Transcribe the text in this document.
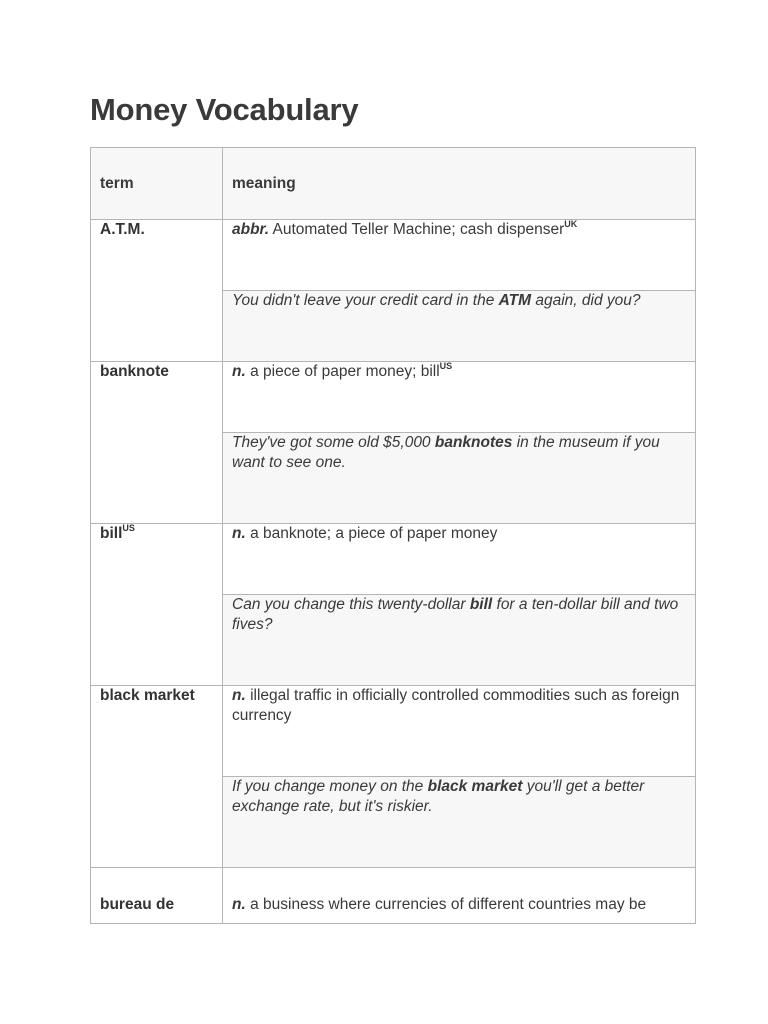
Money Vocabulary
term	meaning
A.T.M.	abbr. Automated Teller Machine; cash dispenser$^{UK}$
	You didn't leave your credit card in the ATM again, did you?
banknote	n. a piece of paper money; bill$^{US}$
	They've got some old $5,000 banknotes in the museum if you want to see one.
bill$^{US}$	n. a banknote; a piece of paper money
	Can you change this twenty-dollar bill for a ten-dollar bill and two fives?
black market	n. illegal traffic in officially controlled commodities such as foreign currency
	If you change money on the black market you'll get a better exchange rate, but it's riskier.
bureau de	n. a business where currencies of different countries may be
